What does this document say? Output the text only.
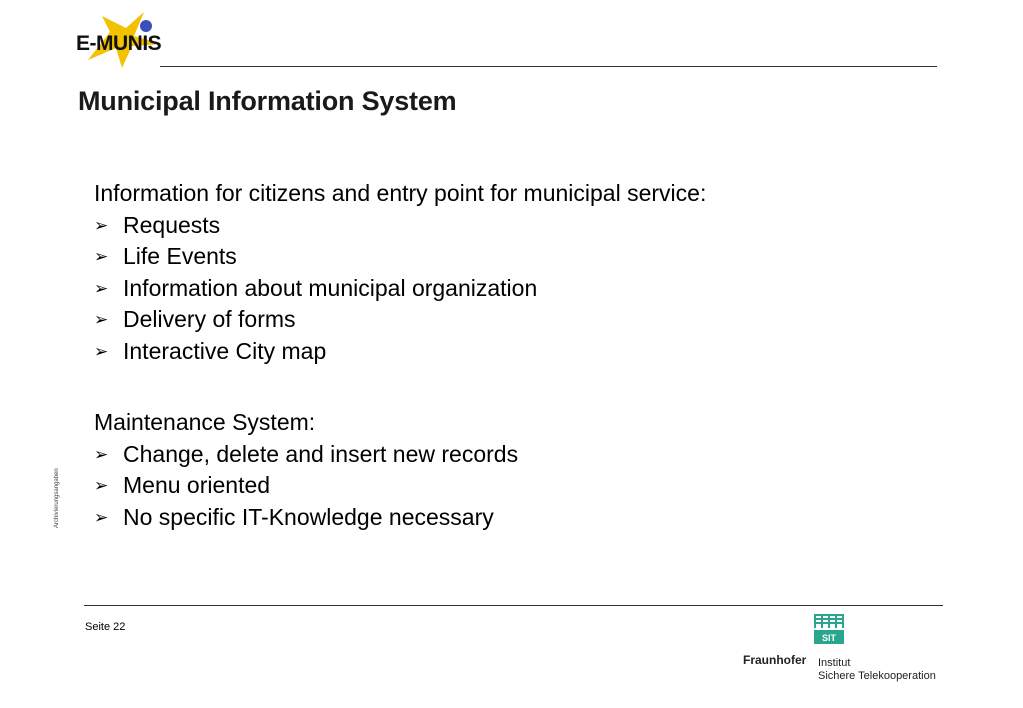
E-MUNIS
Municipal Information System
Information for citizens and entry point for municipal service:
➢ Requests
➢ Life Events
➢ Information about municipal organization
➢ Delivery of forms
➢ Interactive City map
Maintenance System:
➢ Change, delete and insert new records
➢ Menu oriented
➢ No specific IT-Knowledge necessary
Archivierungsangaben
Seite 22
SIT
Fraunhofer Institut
Sichere Telekooperation
